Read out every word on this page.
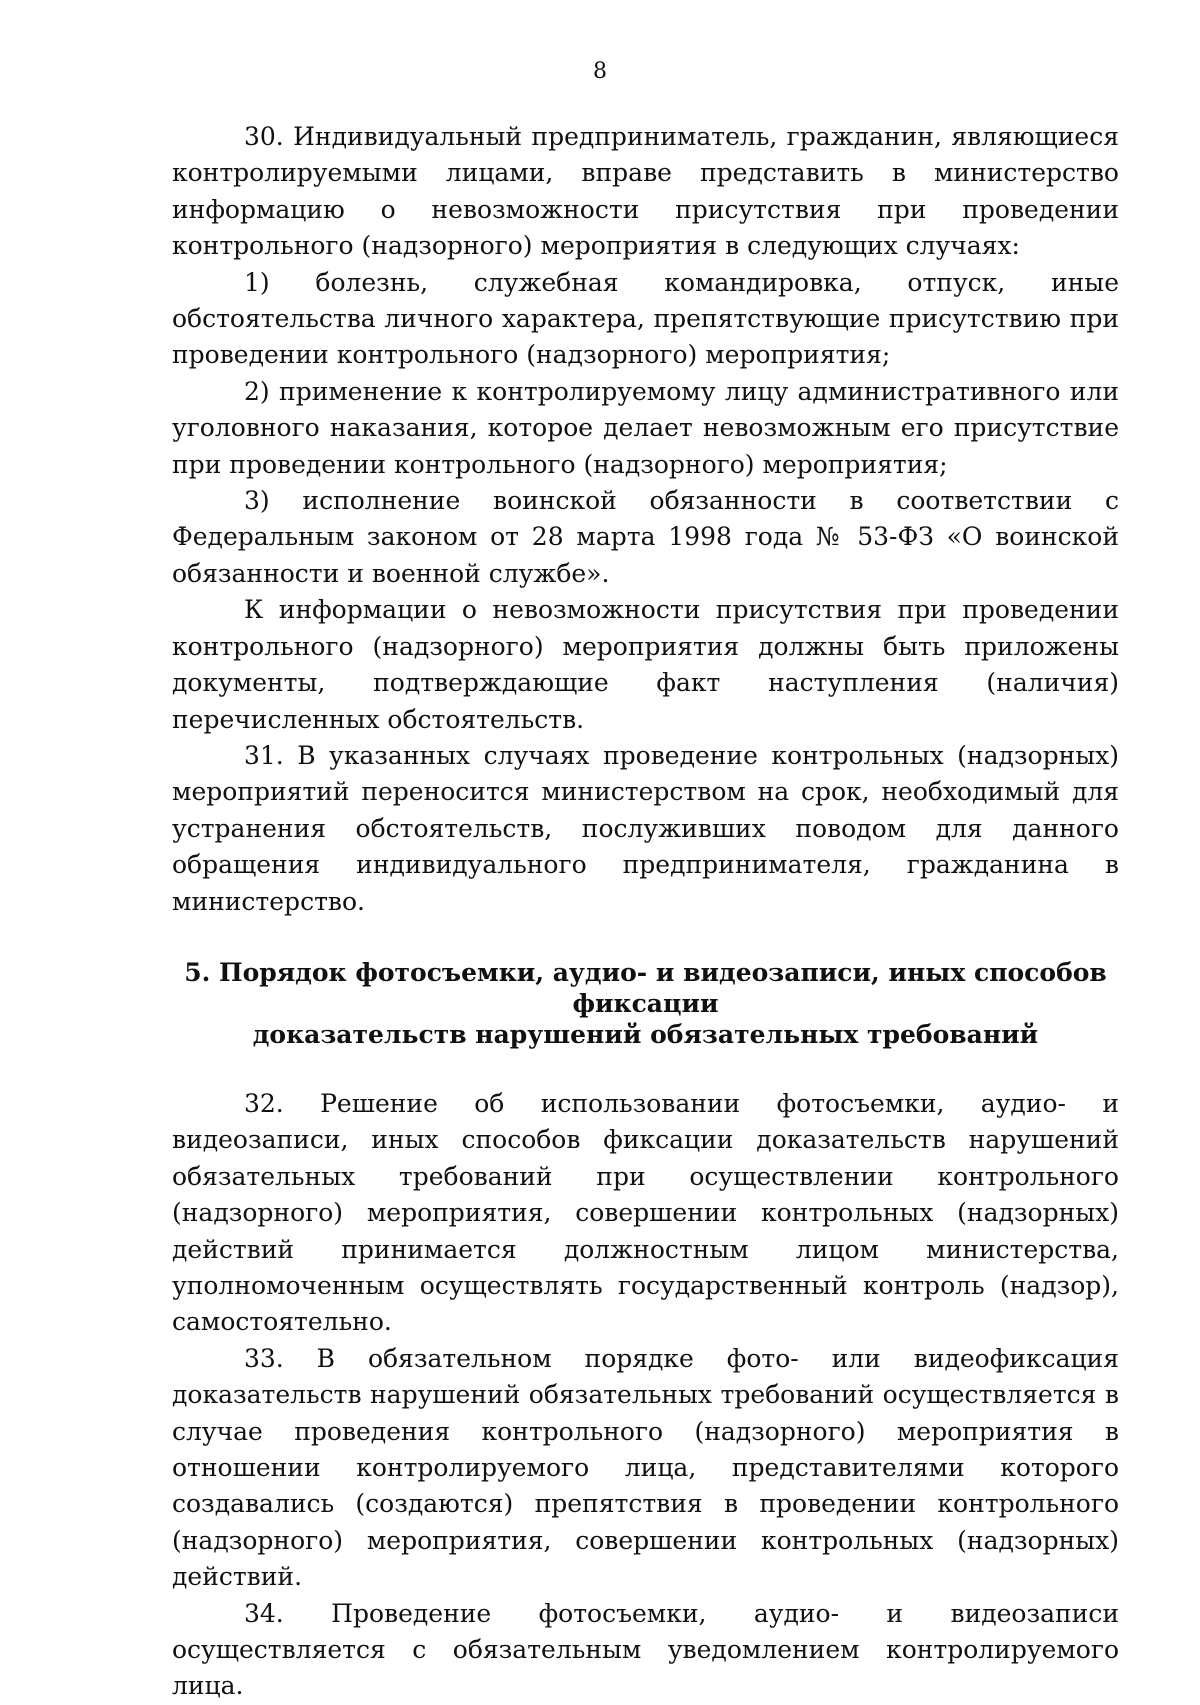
8

30. Индивидуальный предприниматель, гражданин, являющиеся контролируемыми лицами, вправе представить в министерство информацию о невозможности присутствия при проведении контрольного (надзорного) мероприятия в следующих случаях:

1) болезнь, служебная командировка, отпуск, иные обстоятельства личного характера, препятствующие присутствию при проведении контрольного (надзорного) мероприятия;

2) применение к контролируемому лицу административного или уголовного наказания, которое делает невозможным его присутствие при проведении контрольного (надзорного) мероприятия;

3) исполнение воинской обязанности в соответствии с Федеральным законом от 28 марта 1998 года № 53-ФЗ «О воинской обязанности и военной службе».

К информации о невозможности присутствия при проведении контрольного (надзорного) мероприятия должны быть приложены документы, подтверждающие факт наступления (наличия) перечисленных обстоятельств.

31. В указанных случаях проведение контрольных (надзорных) мероприятий переносится министерством на срок, необходимый для устранения обстоятельств, послуживших поводом для данного обращения индивидуального предпринимателя, гражданина в министерство.

5. Порядок фотосъемки, аудио- и видеозаписи, иных способов фиксации
доказательств нарушений обязательных требований

32. Решение об использовании фотосъемки, аудио- и видеозаписи, иных способов фиксации доказательств нарушений обязательных требований при осуществлении контрольного (надзорного) мероприятия, совершении контрольных (надзорных) действий принимается должностным лицом министерства, уполномоченным осуществлять государственный контроль (надзор), самостоятельно.

33. В обязательном порядке фото- или видеофиксация доказательств нарушений обязательных требований осуществляется в случае проведения контрольного (надзорного) мероприятия в отношении контролируемого лица, представителями которого создавались (создаются) препятствия в проведении контрольного (надзорного) мероприятия, совершении контрольных (надзорных) действий.

34. Проведение фотосъемки, аудио- и видеозаписи осуществляется с обязательным уведомлением контролируемого лица.
